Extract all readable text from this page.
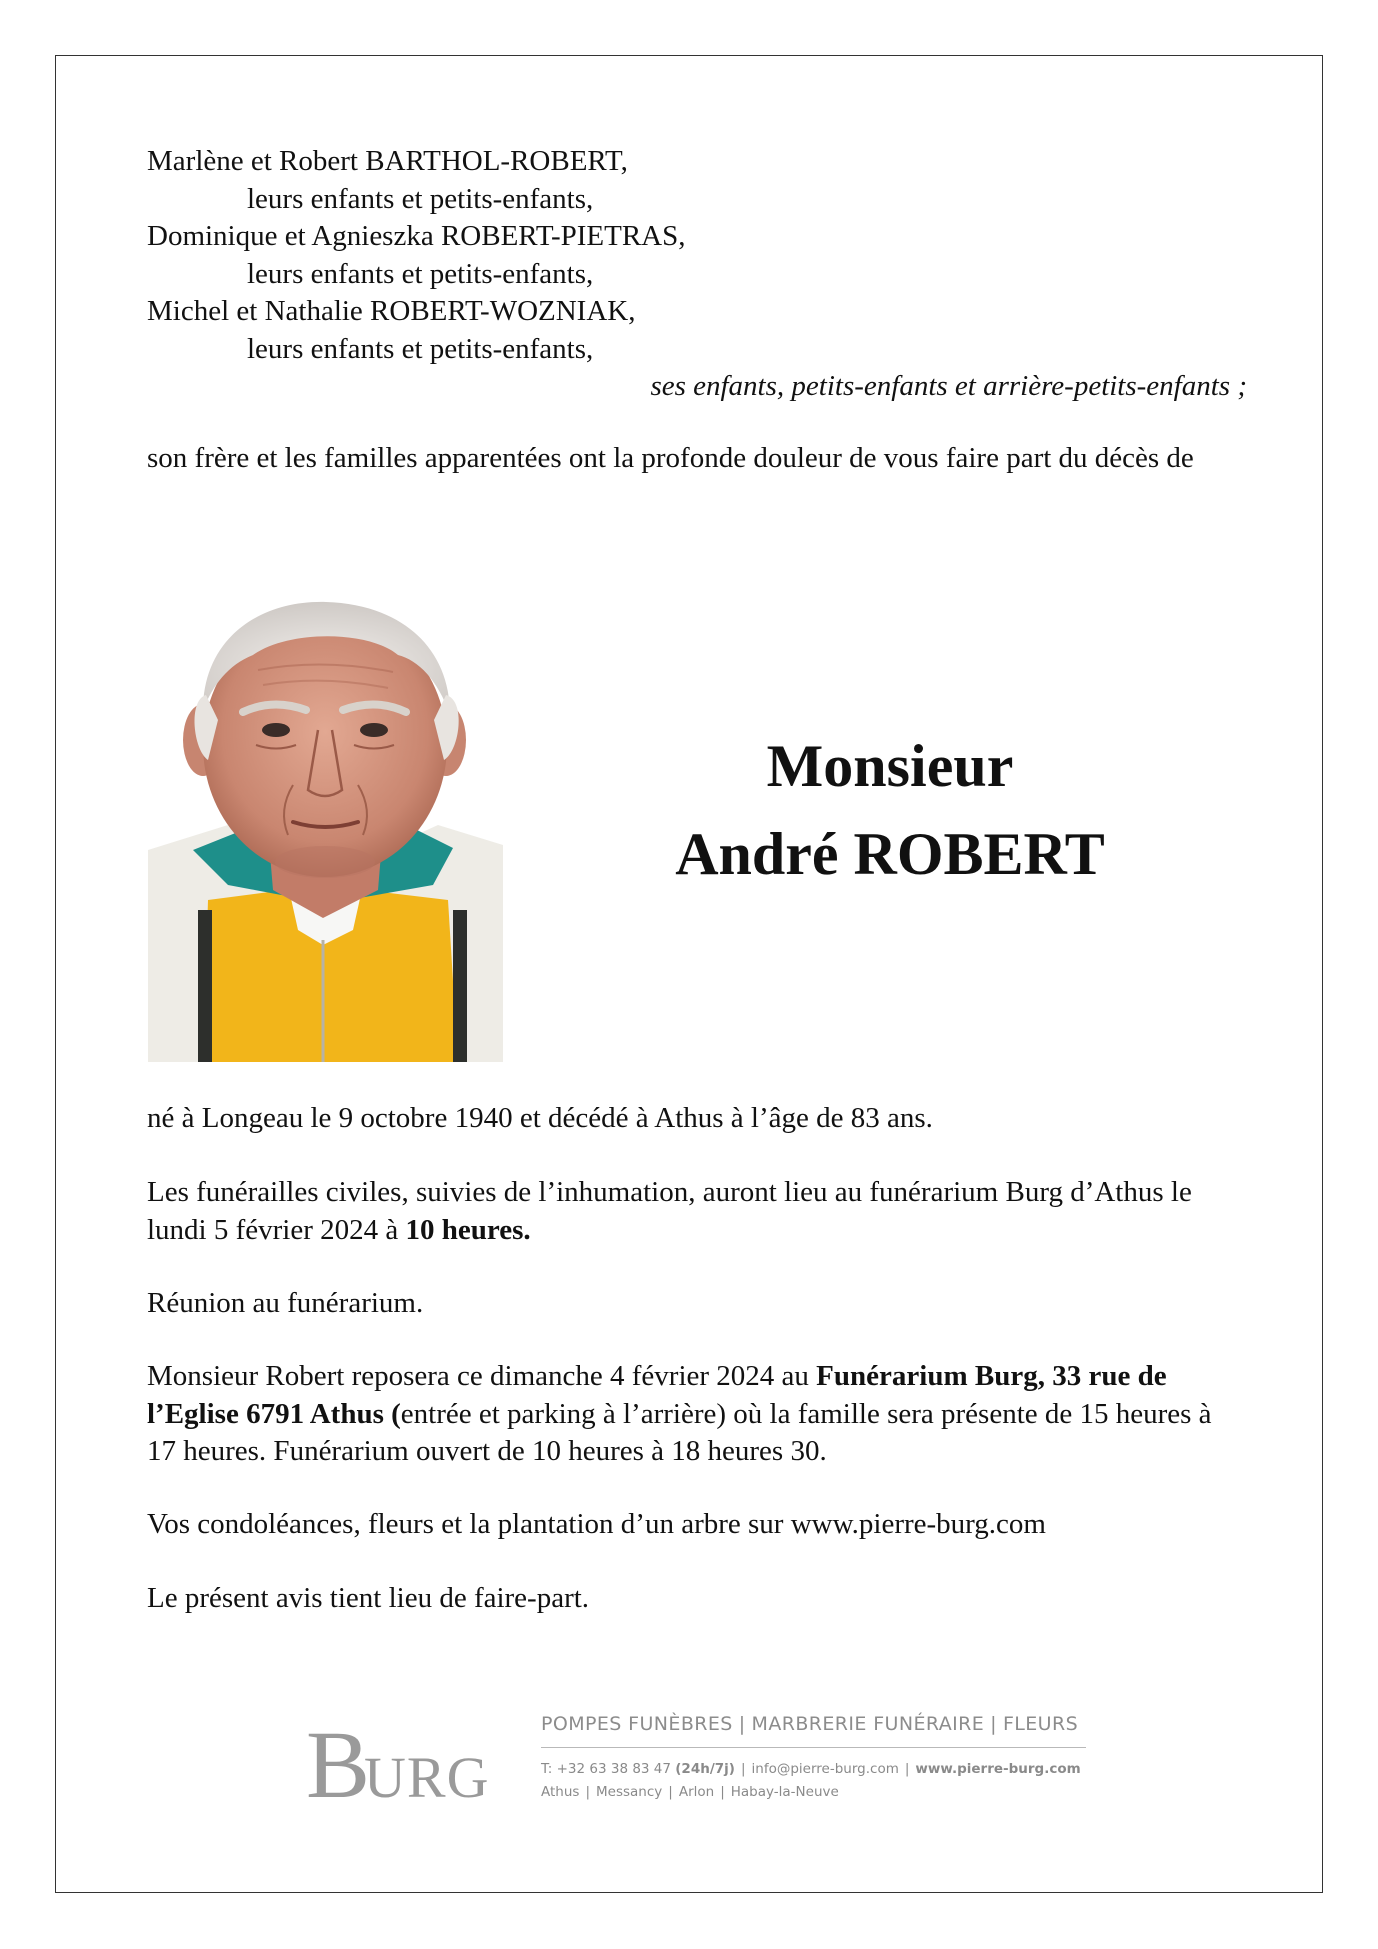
Marlène et Robert BARTHOL-ROBERT,
leurs enfants et petits-enfants,
Dominique et Agnieszka ROBERT-PIETRAS,
leurs enfants et petits-enfants,
Michel et Nathalie ROBERT-WOZNIAK,
leurs enfants et petits-enfants,
ses enfants, petits-enfants et arrière-petits-enfants ;
son frère et les familles apparentées ont la profonde douleur de vous faire part du décès de
Monsieur
André ROBERT
né à Longeau le 9 octobre 1940 et décédé à Athus à l’âge de 83 ans.
Les funérailles civiles, suivies de l’inhumation, auront lieu au funérarium Burg d’Athus le lundi 5 février 2024 à 10 heures.
Réunion au funérarium.
Monsieur Robert reposera ce dimanche 4 février 2024 au Funérarium Burg, 33 rue de l’Eglise 6791 Athus (entrée et parking à l’arrière) où la famille sera présente de 15 heures à 17 heures. Funérarium ouvert de 10 heures à 18 heures 30.
Vos condoléances, fleurs et la plantation d’un arbre sur www.pierre-burg.com
Le présent avis tient lieu de faire-part.
B
URG
POMPES FUNÈBRES | MARBRERIE FUNÉRAIRE | FLEURS
T: +32 63 38 83 47 (24h/7j) | info@pierre-burg.com | www.pierre-burg.com
Athus | Messancy | Arlon | Habay-la-Neuve
